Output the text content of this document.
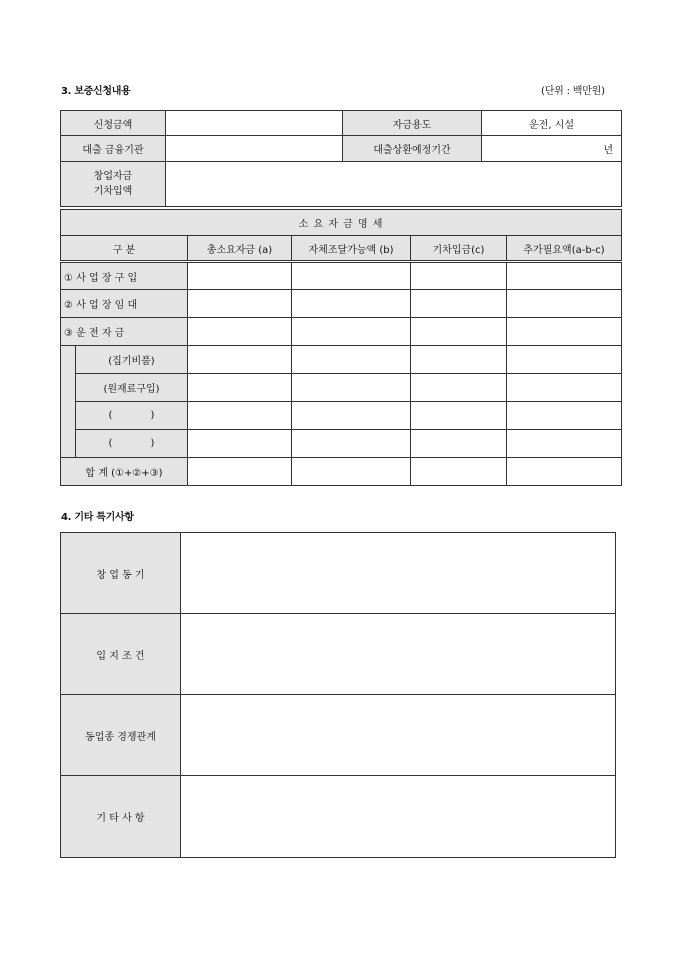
3. 보증신청내용	(단위 : 백만원)
신청금액		자금용도	운전, 시설
대출 금융기관		대출상환예정기간	년

창업자금
기차입액			

소 요 자 금 명 세					
구 분		총소요자금 (a)	자체조달가능액 (b)	기차입금(c)	추가필요액(a-b-c)
① 사 업 장 구 입					
② 사 업 장 임 대					
③ 운 전 자 금					
	(집기비품)				
	(원재료구입)				
	(            )				
	(            )				
합 계 (①+②+③)					
4. 기타 특기사항
창 업 동 기	
입 지 조 건	
동업종 경쟁관계	
기 타 사 항	
